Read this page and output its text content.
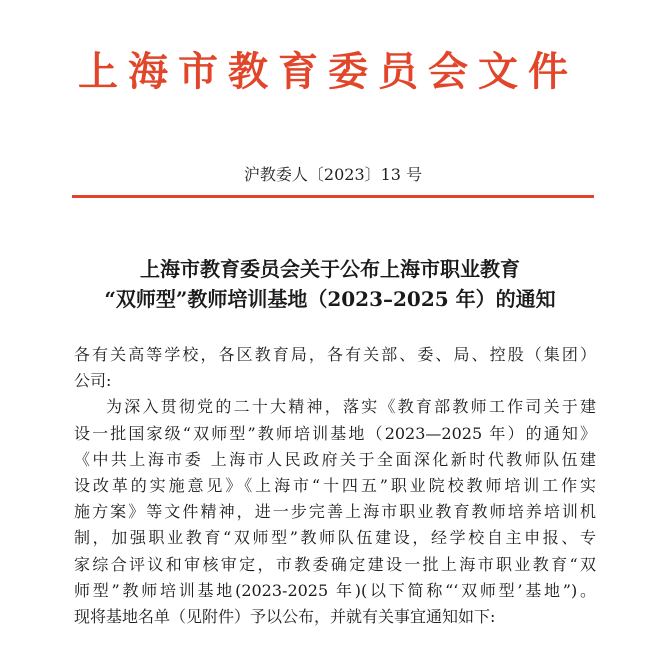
上海市教育委员会文件
沪教委人〔2023〕13 号
上海市教育委员会关于公布上海市职业教育
“双师型”教师培训基地（2023–2025 年）的通知
各有关高等学校，各区教育局，各有关部、委、局、控股（集团）
公司:
为深入贯彻党的二十大精神，落实《教育部教师工作司关于建
设一批国家级“双师型”教师培训基地（2023—2025 年）的通知》
《中共上海市委 上海市人民政府关于全面深化新时代教师队伍建
设改革的实施意见》《上海市“十四五”职业院校教师培训工作实
施方案》等文件精神，进一步完善上海市职业教育教师培养培训机
制，加强职业教育“双师型”教师队伍建设，经学校自主申报、专
家综合评议和审核审定，市教委确定建设一批上海市职业教育“双
师型”教师培训基地(2023-2025 年)(以下简称“‘双师型’基地”)。
现将基地名单（见附件）予以公布，并就有关事宜通知如下:
